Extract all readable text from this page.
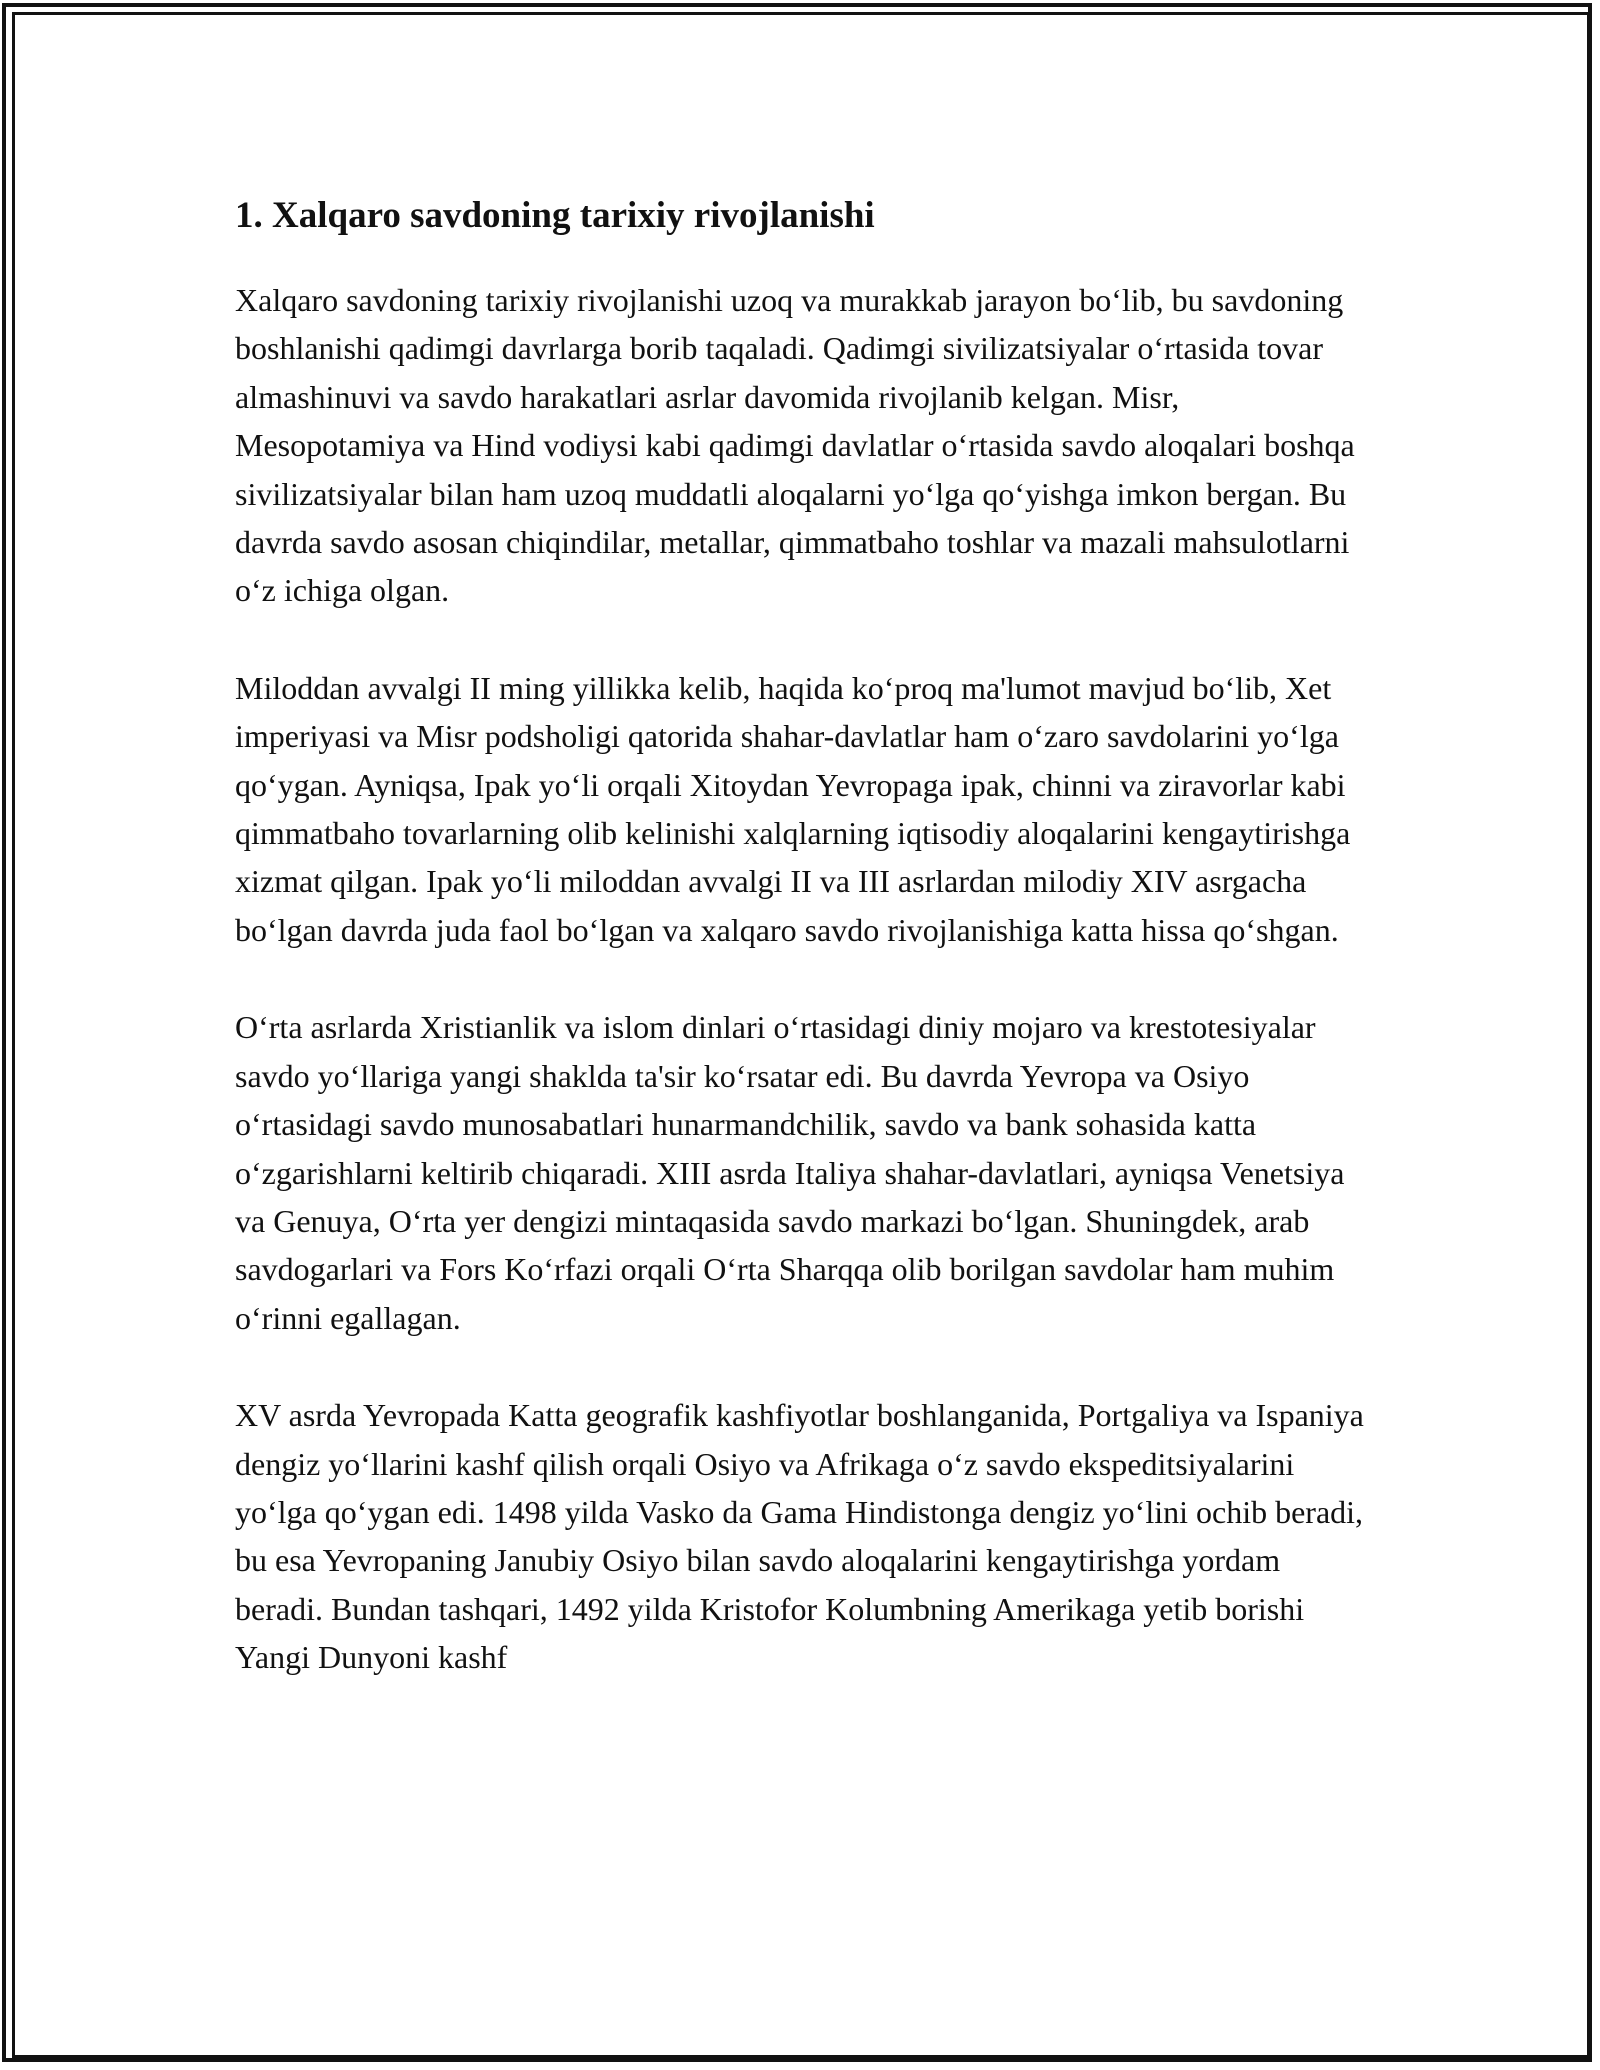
1. Xalqaro savdoning tarixiy rivojlanishi

Xalqaro savdoning tarixiy rivojlanishi uzoq va murakkab jarayon bo‘lib, bu savdoning boshlanishi qadimgi davrlarga borib taqaladi. Qadimgi sivilizatsiyalar o‘rtasida tovar almashinuvi va savdo harakatlari asrlar davomida rivojlanib kelgan. Misr, Mesopotamiya va Hind vodiysi kabi qadimgi davlatlar o‘rtasida savdo aloqalari boshqa sivilizatsiyalar bilan ham uzoq muddatli aloqalarni yo‘lga qo‘yishga imkon bergan. Bu davrda savdo asosan chiqindilar, metallar, qimmatbaho toshlar va mazali mahsulotlarni o‘z ichiga olgan.

Miloddan avvalgi II ming yillikka kelib, haqida ko‘proq ma'lumot mavjud bo‘lib, Xet imperiyasi va Misr podsholigi qatorida shahar-davlatlar ham o‘zaro savdolarini yo‘lga qo‘ygan. Ayniqsa, Ipak yo‘li orqali Xitoydan Yevropaga ipak, chinni va ziravorlar kabi qimmatbaho tovarlarning olib kelinishi xalqlarning iqtisodiy aloqalarini kengaytirishga xizmat qilgan. Ipak yo‘li miloddan avvalgi II va III asrlardan milodiy XIV asrgacha bo‘lgan davrda juda faol bo‘lgan va xalqaro savdo rivojlanishiga katta hissa qo‘shgan.

O‘rta asrlarda Xristianlik va islom dinlari o‘rtasidagi diniy mojaro va krestotesiyalar savdo yo‘llariga yangi shaklda ta'sir ko‘rsatar edi. Bu davrda Yevropa va Osiyo o‘rtasidagi savdo munosabatlari hunarmandchilik, savdo va bank sohasida katta o‘zgarishlarni keltirib chiqaradi. XIII asrda Italiya shahar-davlatlari, ayniqsa Venetsiya va Genuya, O‘rta yer dengizi mintaqasida savdo markazi bo‘lgan. Shuningdek, arab savdogarlari va Fors Ko‘rfazi orqali O‘rta Sharqqa olib borilgan savdolar ham muhim o‘rinni egallagan.

XV asrda Yevropada Katta geografik kashfiyotlar boshlanganida, Portgaliya va Ispaniya dengiz yo‘llarini kashf qilish orqali Osiyo va Afrikaga o‘z savdo ekspeditsiyalarini yo‘lga qo‘ygan edi. 1498 yilda Vasko da Gama Hindistonga dengiz yo‘lini ochib beradi, bu esa Yevropaning Janubiy Osiyo bilan savdo aloqalarini kengaytirishga yordam beradi. Bundan tashqari, 1492 yilda Kristofor Kolumbning Amerikaga yetib borishi Yangi Dunyoni kashf
